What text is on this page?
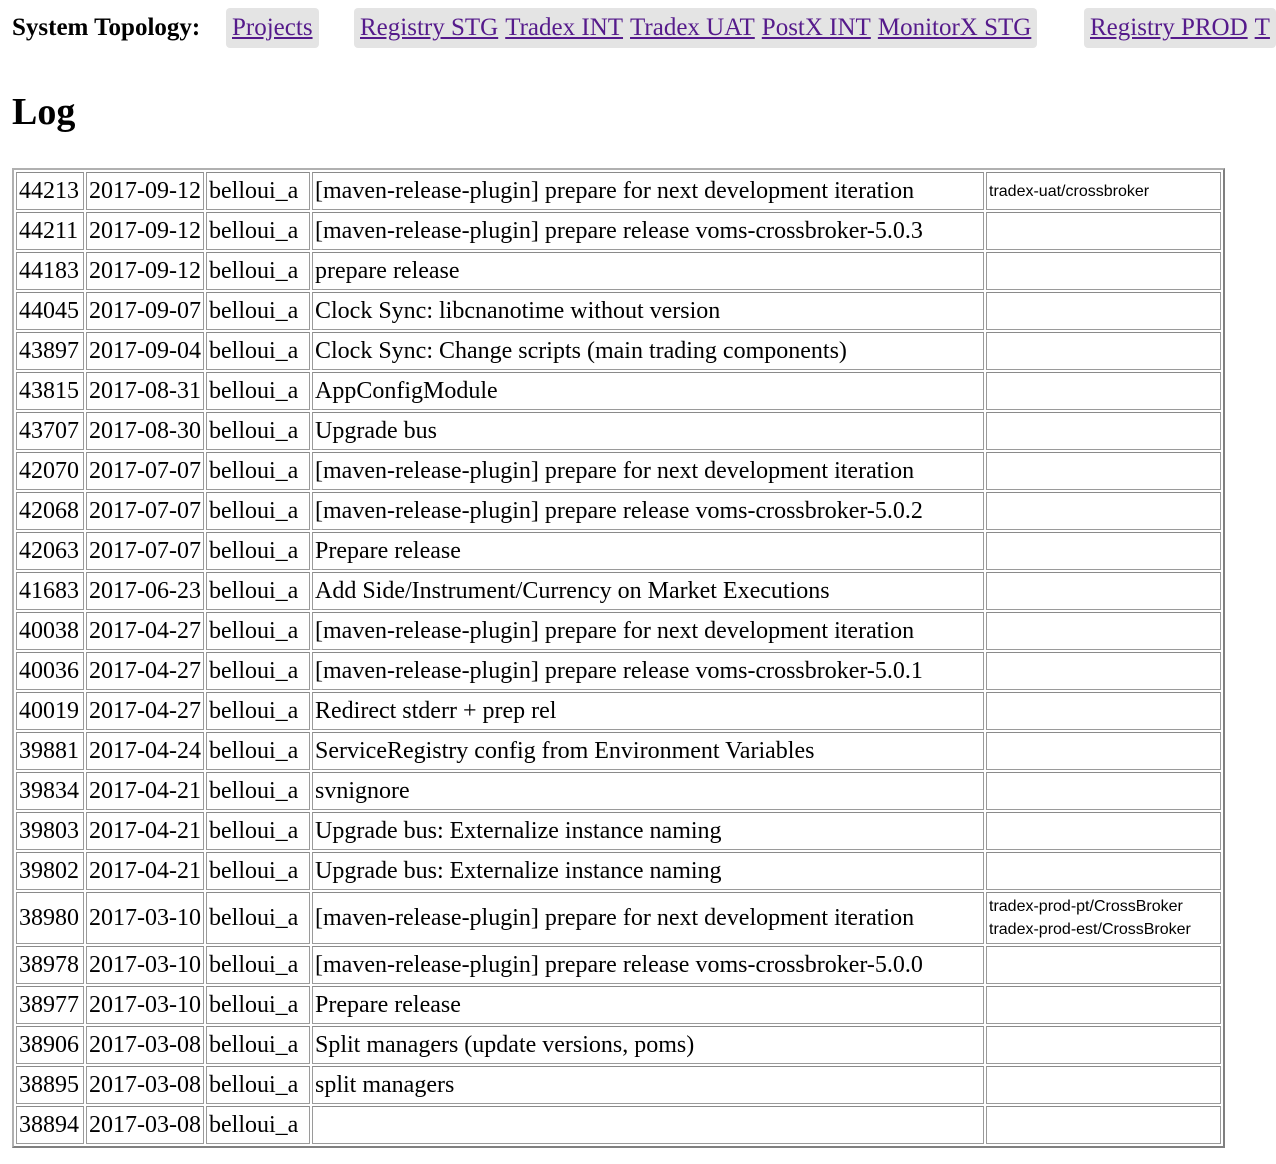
System Topology: Projects Registry STG Tradex INT Tradex UAT PostX INT MonitorX STG Registry PROD T
Log
44213	2017-09-12	belloui_a	[maven-release-plugin] prepare for next development iteration	tradex-uat/crossbroker

44211	2017-09-12	belloui_a	[maven-release-plugin] prepare release voms-crossbroker-5.0.3	
44183	2017-09-12	belloui_a	prepare release	
44045	2017-09-07	belloui_a	Clock Sync: libcnanotime without version	
43897	2017-09-04	belloui_a	Clock Sync: Change scripts (main trading components)	
43815	2017-08-31	belloui_a	AppConfigModule	
43707	2017-08-30	belloui_a	Upgrade bus	
42070	2017-07-07	belloui_a	[maven-release-plugin] prepare for next development iteration	
42068	2017-07-07	belloui_a	[maven-release-plugin] prepare release voms-crossbroker-5.0.2	
42063	2017-07-07	belloui_a	Prepare release	
41683	2017-06-23	belloui_a	Add Side/Instrument/Currency on Market Executions	
40038	2017-04-27	belloui_a	[maven-release-plugin] prepare for next development iteration	
40036	2017-04-27	belloui_a	[maven-release-plugin] prepare release voms-crossbroker-5.0.1	
40019	2017-04-27	belloui_a	Redirect stderr + prep rel	
39881	2017-04-24	belloui_a	ServiceRegistry config from Environment Variables	
39834	2017-04-21	belloui_a	svnignore	
39803	2017-04-21	belloui_a	Upgrade bus: Externalize instance naming	
39802	2017-04-21	belloui_a	Upgrade bus: Externalize instance naming	
38980	2017-03-10	belloui_a	[maven-release-plugin] prepare for next development iteration	tradex-prod-pt/CrossBroker
tradex-prod-est/CrossBroker

38978	2017-03-10	belloui_a	[maven-release-plugin] prepare release voms-crossbroker-5.0.0	
38977	2017-03-10	belloui_a	Prepare release	
38906	2017-03-08	belloui_a	Split managers (update versions, poms)	
38895	2017-03-08	belloui_a	split managers	
38894	2017-03-08	belloui_a		
